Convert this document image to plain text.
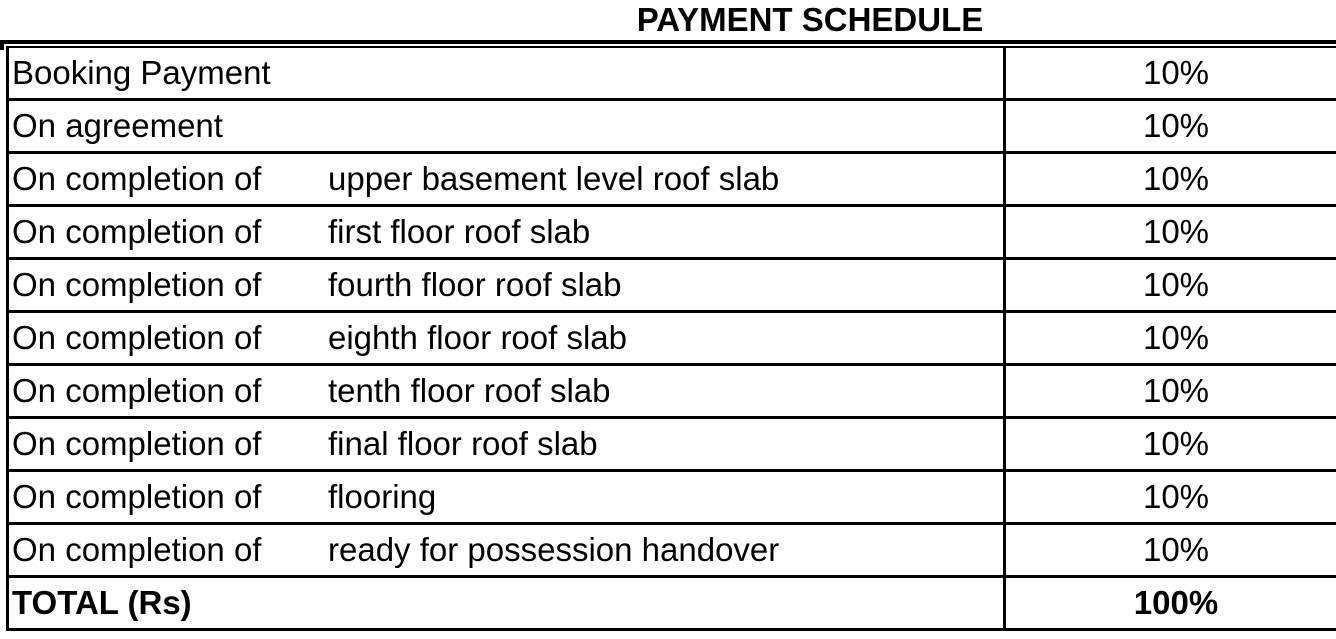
PAYMENT SCHEDULE
Booking Payment	10%
On agreement	10%
On completion of upper basement level roof slab	10%
On completion of first floor roof slab	10%
On completion of fourth floor roof slab	10%
On completion of eighth floor roof slab	10%
On completion of tenth floor roof slab	10%
On completion of final floor roof slab	10%
On completion of flooring	10%
On completion of ready for possession handover	10%
TOTAL (Rs)	100%
